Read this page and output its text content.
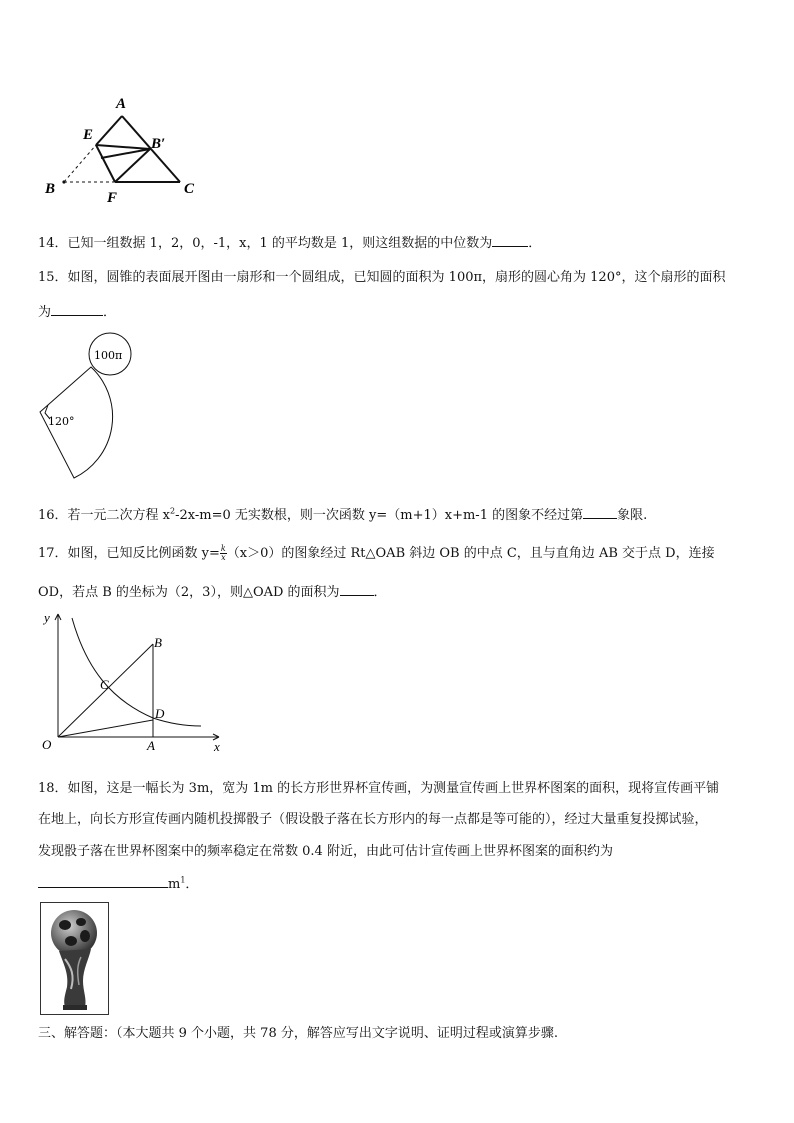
A
E
B′
B
F
C
14．已知一组数据 1，2，0，-1，x，1 的平均数是 1，则这组数据的中位数为	．
15．如图，圆锥的表面展开图由一扇形和一个圆组成，已知圆的面积为 100π，扇形的圆心角为 120°，这个扇形的面积
为	．
100π
120°
16．若一元二次方程 $x^2-2x-m=0$ 无实数根，则一次函数 y=（m+1）x+m-1 的图象不经过第	象限.
17．如图，已知反比例函数 $y= \frac{k}{x} (x>0)$的图象经过 Rt△OAB 斜边 OB 的中点 C，且与直角边 AB 交于点 D，连接
OD，若点 B 的坐标为（2，3），则△OAD 的面积为	．
y
x
O	A
B
C
D
18．如图，这是一幅长为 3m，宽为 1m 的长方形世界杯宣传画，为测量宣传画上世界杯图案的面积，现将宣传画平铺
在地上，向长方形宣传画内随机投掷骰子（假设骰子落在长方形内的每一点都是等可能的），经过大量重复投掷试验，
发现骰子落在世界杯图案中的频率稳定在常数 0.4 附近，由此可估计宣传画上世界杯图案的面积约为
$m^1$．
三、解答题：（本大题共 9 个小题，共 78 分，解答应写出文字说明、证明过程或演算步骤.
